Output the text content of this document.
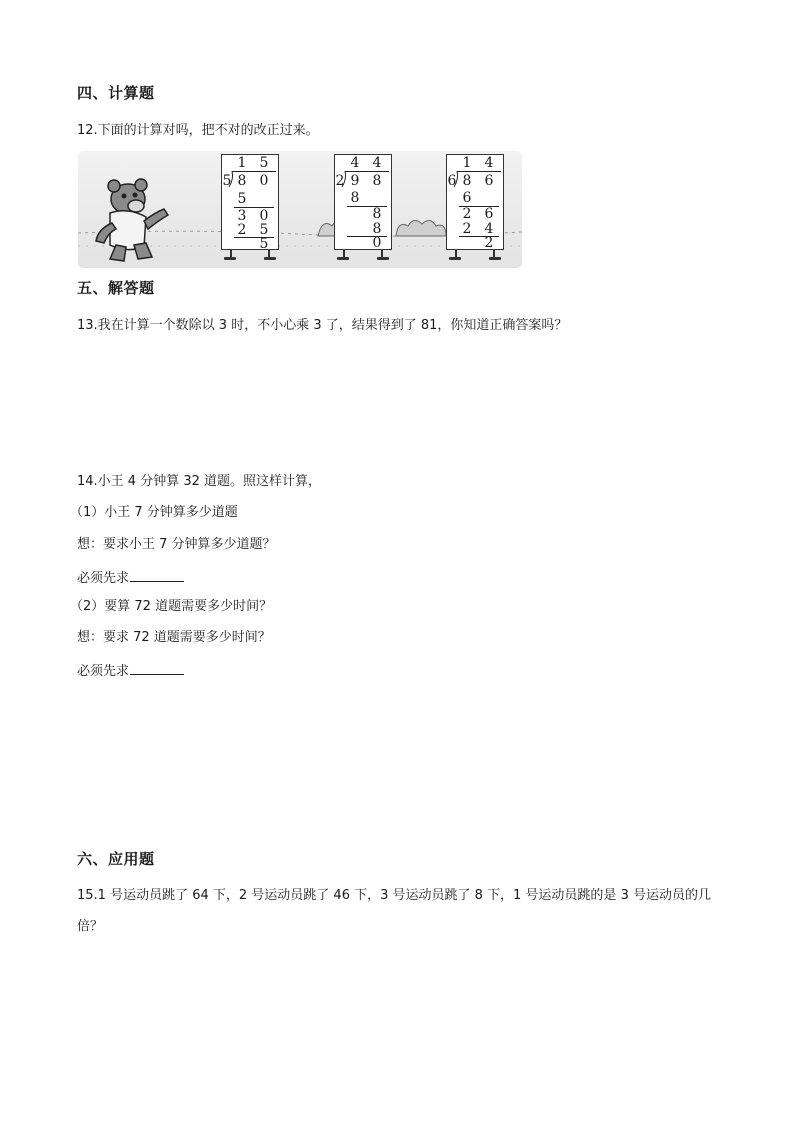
四、计算题
12.下面的计算对吗，把不对的改正过来。
1 5
5 8 0
5
3 0
2 5
5
4 4
2 9 8
8
8
8
0
1 4
6 8 6
6
2 6
2 4
2
五、解答题
13.我在计算一个数除以 3 时，不小心乘 3 了，结果得到了 81，你知道正确答案吗？
14.小王 4 分钟算 32 道题。照这样计算，
（1）小王 7 分钟算多少道题
想：要求小王 7 分钟算多少道题？
必须先求
（2）要算 72 道题需要多少时间？
想：要求 72 道题需要多少时间？
必须先求
六、应用题
15.1 号运动员跳了 64 下，2 号运动员跳了 46 下，3 号运动员跳了 8 下，1 号运动员跳的是 3 号运动员的几
倍？
